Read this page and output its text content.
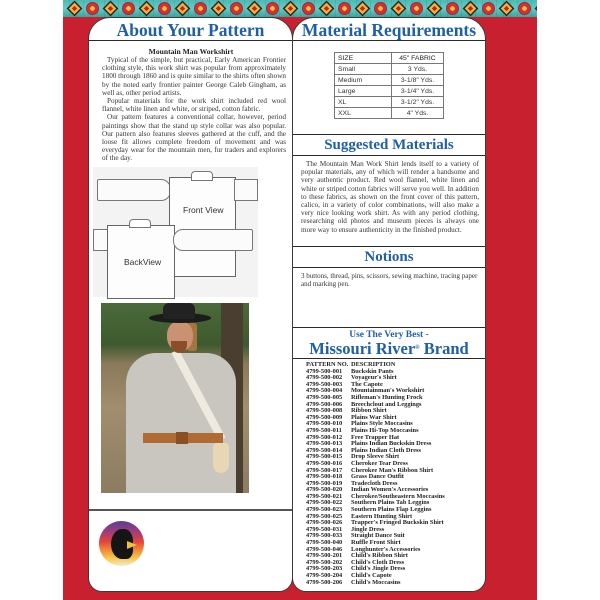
About Your Pattern
Mountain Man Workshirt

Typical of the simple, but practical, Early American Frontier clothing style, this work shirt was popular from approximately 1800 through 1860 and is quite similar to the shirts often shown by the noted early frontier painter George Caleb Gingham, as well as, other period artists.

Popular materials for the work shirt included red wool flannel, white linen and white, or striped, cotton fabric.

Our pattern features a conventional collar, however, period paintings show that the stand up style collar was also popular. Our pattern also features sleeves gathered at the cuff, and the loose fit allows complete freedom of movement and was everyday wear for the mountain men, fur traders and explorers of the day.

Front View
BackView
Material Requirements
SIZE	45" FABRIC
Small	3 Yds.
Medium	3-1/8" Yds.
Large	3-1/4" Yds.
XL	3-1/2" Yds.
XXL	4" Yds.
Suggested Materials

The Mountain Man Work Shirt lends itself to a variety of popular materials, any of which will render a handsome and very authentic product. Red wool flannel, white linen and white or striped cotton fabrics will serve you well. In addition to these fabrics, as shown on the front cover of this pattern, calico, in a variety of color combinations, will also make a very nice looking work shirt. As with any period clothing, researching old photos and museum pieces is always one more way to ensure authenticity in the finished product.

Notions
3 buttons, thread, pins, scissors, sewing machine, tracing paper and marking pen.
Use The Very Best -
Missouri River® Brand
PATTERN NO. DESCRIPTION
4799-500-001	Buckskin Pants
4799-500-002	Voyageur's Shirt
4799-500-003	The Capote
4799-500-004	Mountainman's Workshirt
4799-500-005	Rifleman's Hunting Frock
4799-500-006	Breechclout and Leggings
4799-500-008	Ribbon Shirt
4799-500-009	Plains War Shirt
4799-500-010	Plains Style Moccasins
4799-500-011	Plains Hi-Top Moccasins
4799-500-012	Free Trapper Hat
4799-500-013	Plains Indian Buckskin Dress
4799-500-014	Plains Indian Cloth Dress
4799-500-015	Drop Sleeve Shirt
4799-500-016	Cherokee Tear Dress
4799-500-017	Cherokee Man's Ribbon Shirt
4799-500-018	Grass Dance Outfit
4799-500-019	Tradecloth Dress
4799-500-020	Indian Women's Accessories
4799-500-021	Cherokee/Southeastern Moccasins
4799-500-022	Southern Plains Tab Leggins
4799-500-023	Southern Plains Flap Leggins
4799-500-025	Eastern Hunting Shirt
4799-500-026	Trapper's Fringed Buckskin Shirt
4799-500-031	Jingle Dress
4799-500-033	Straight Dance Suit
4799-500-040	Ruffle Front Shirt
4799-500-046	Longhunter's Accessories
4799-500-201	Child's Ribbon Shirt
4799-500-202	Child's Cloth Dress
4799-500-203	Child's Jingle Dress
4799-500-204	Child's Capote
4799-500-206	Child's Moccasins
